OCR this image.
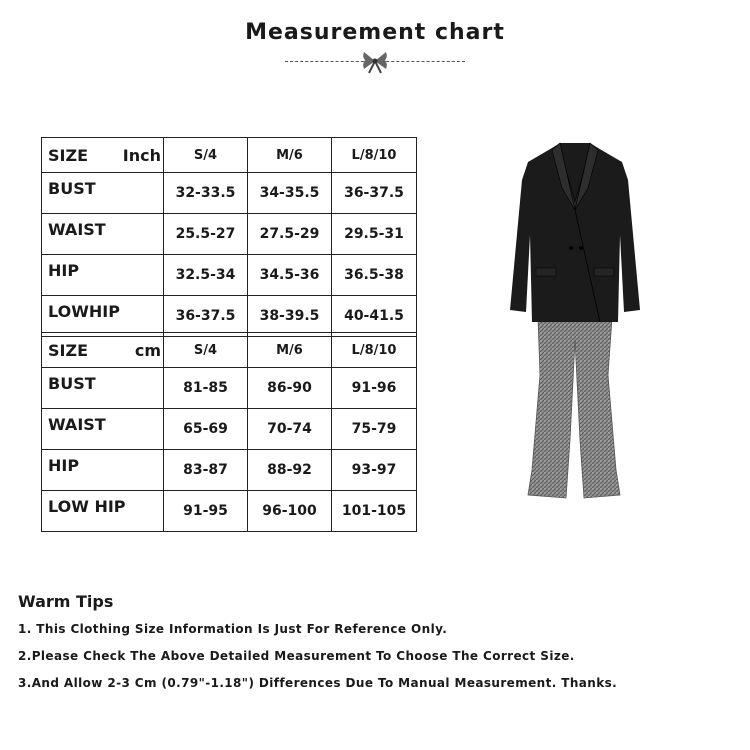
Measurement chart
SIZE Inch	S/4	M/6	L/8/10
BUST	32-33.5	34-35.5	36-37.5
WAIST	25.5-27	27.5-29	29.5-31
HIP	32.5-34	34.5-36	36.5-38
LOWHIP	36-37.5	38-39.5	40-41.5
SIZE cm	S/4	M/6	L/8/10
BUST	81-85	86-90	91-96
WAIST	65-69	70-74	75-79
HIP	83-87	88-92	93-97
LOW HIP	91-95	96-100	101-105
Warm Tips
1. This Clothing Size Information Is Just For Reference Only.
2.Please Check The Above Detailed Measurement To Choose The Correct Size.
3.And Allow 2-3 Cm (0.79"-1.18") Differences Due To Manual Measurement. Thanks.
